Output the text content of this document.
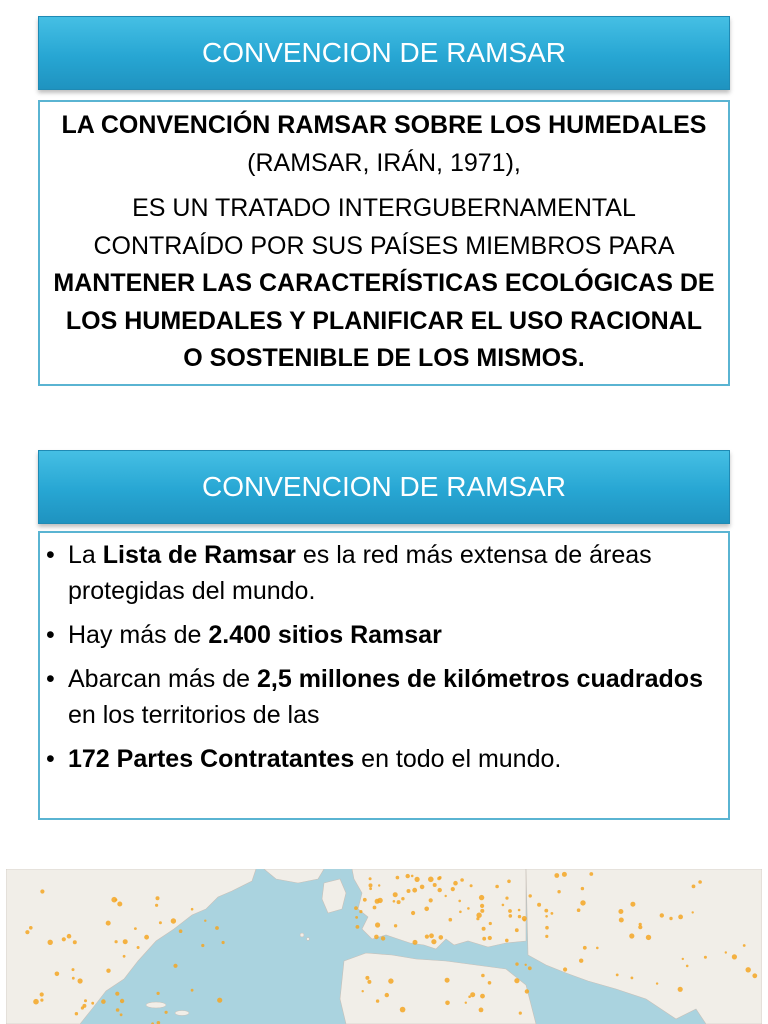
CONVENCION DE RAMSAR
LA CONVENCIÓN RAMSAR SOBRE LOS HUMEDALES
(RAMSAR, IRÁN, 1971),
ES UN TRATADO INTERGUBERNAMENTAL
CONTRAÍDO POR SUS PAÍSES MIEMBROS PARA
MANTENER LAS CARACTERÍSTICAS ECOLÓGICAS DE
LOS HUMEDALES Y PLANIFICAR EL USO RACIONAL
O SOSTENIBLE DE LOS MISMOS.
CONVENCION DE RAMSAR
• La Lista de Ramsar es la red más extensa de áreas protegidas del mundo.
• Hay más de 2.400 sitios Ramsar
• Abarcan más de 2,5 millones de kilómetros cuadrados en los territorios de las
• 172 Partes Contratantes en todo el mundo.
